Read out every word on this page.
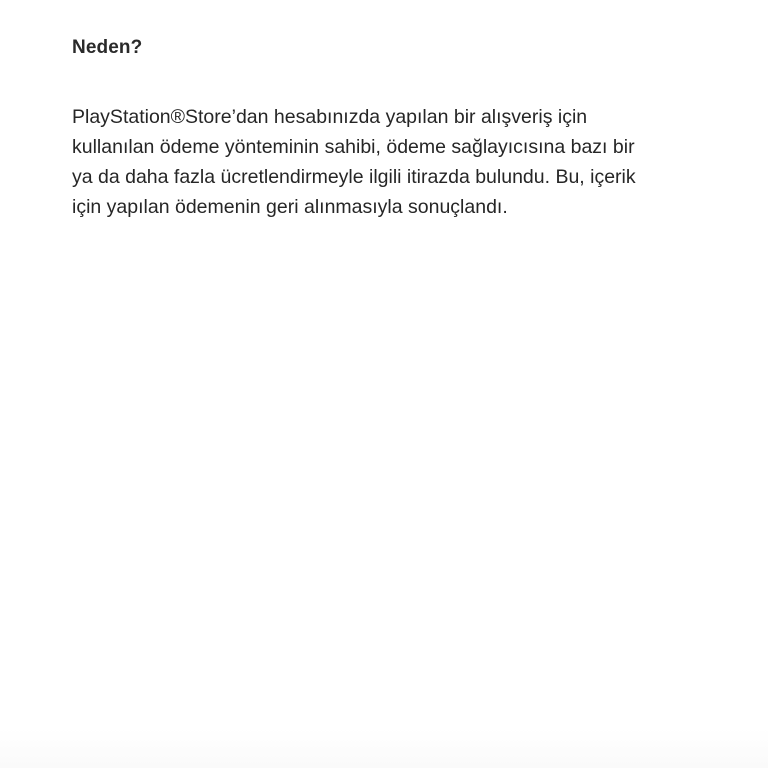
Neden?

PlayStation®Store’dan hesabınızda yapılan bir alışveriş için
kullanılan ödeme yönteminin sahibi, ödeme sağlayıcısına bazı bir
ya da daha fazla ücretlendirmeyle ilgili itirazda bulundu. Bu, içerik
için yapılan ödemenin geri alınmasıyla sonuçlandı.
